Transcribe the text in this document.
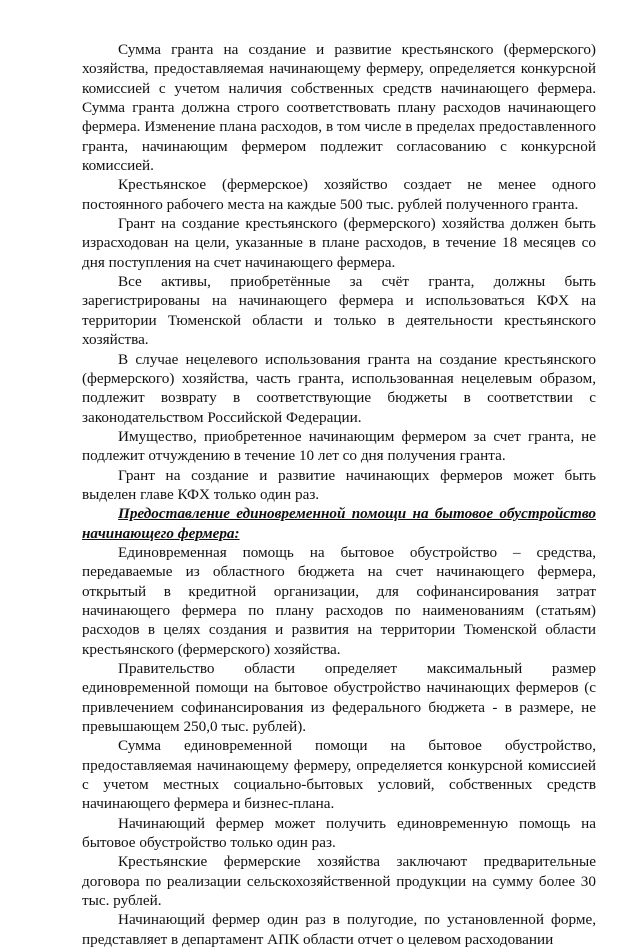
Сумма гранта на создание и развитие крестьянского (фермерского) хозяйства, предоставляемая начинающему фермеру, определяется конкурсной комиссией с учетом наличия собственных средств начинающего фермера. Сумма гранта должна строго соответствовать плану расходов начинающего фермера. Изменение плана расходов, в том числе в пределах предоставленного гранта, начинающим фермером подлежит согласованию с конкурсной комиссией.

Крестьянское (фермерское) хозяйство создает не менее одного постоянного рабочего места на каждые 500 тыс. рублей полученного гранта.

Грант на создание крестьянского (фермерского) хозяйства должен быть израсходован на цели, указанные в плане расходов, в течение 18 месяцев со дня поступления на счет начинающего фермера.

Все активы, приобретённые за счёт гранта, должны быть зарегистрированы на начинающего фермера и использоваться КФХ на территории Тюменской области и только в деятельности крестьянского хозяйства.

В случае нецелевого использования гранта на создание крестьянского (фермерского) хозяйства, часть гранта, использованная нецелевым образом, подлежит возврату в соответствующие бюджеты в соответствии с законодательством Российской Федерации.

Имущество, приобретенное начинающим фермером за счет гранта, не подлежит отчуждению в течение 10 лет со дня получения гранта.

Грант на создание и развитие начинающих фермеров может быть выделен главе КФХ только один раз.

Предоставление единовременной помощи на бытовое обустройство начинающего фермера:

Единовременная помощь на бытовое обустройство – средства, передаваемые из областного бюджета на счет начинающего фермера, открытый в кредитной организации, для софинансирования затрат начинающего фермера по плану расходов по наименованиям (статьям) расходов в целях создания и развития на территории Тюменской области крестьянского (фермерского) хозяйства.

Правительство области определяет максимальный размер единовременной помощи на бытовое обустройство начинающих фермеров (с привлечением софинансирования из федерального бюджета - в размере, не превышающем 250,0 тыс. рублей).

Сумма единовременной помощи на бытовое обустройство, предоставляемая начинающему фермеру, определяется конкурсной комиссией с учетом местных социально-бытовых условий, собственных средств начинающего фермера и бизнес-плана.

Начинающий фермер может получить единовременную помощь на бытовое обустройство только один раз.

Крестьянские фермерские хозяйства заключают предварительные договора по реализации сельскохозяйственной продукции на сумму более 30 тыс. рублей.

Начинающий фермер один раз в полугодие, по установленной форме, представляет в департамент АПК области отчет о целевом расходовании
